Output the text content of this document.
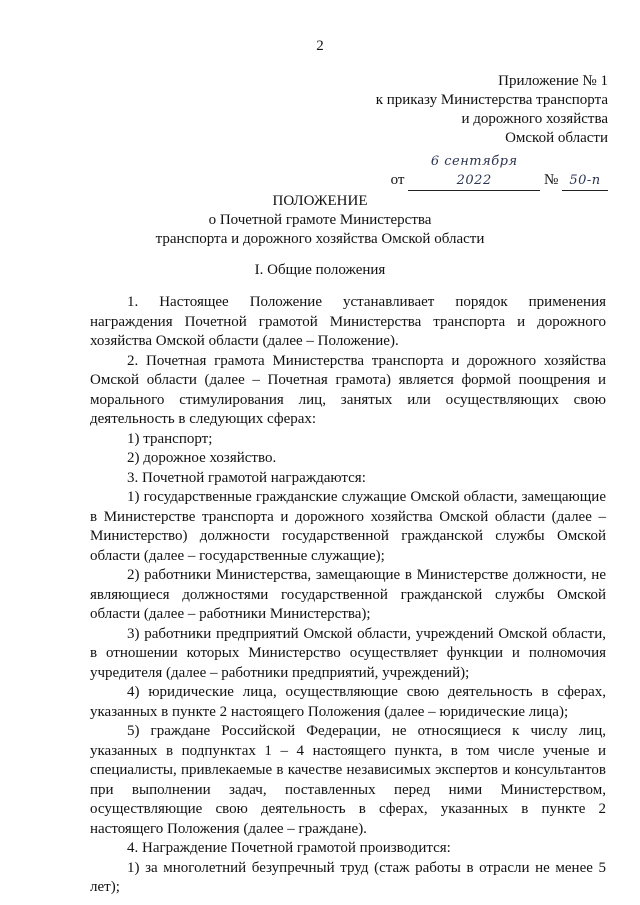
2
Приложение № 1
к приказу Министерства транспорта
и дорожного хозяйства
Омской области
от 6 сентября 2022	№ 50-п
ПОЛОЖЕНИЕ
о Почетной грамоте Министерства
транспорта и дорожного хозяйства Омской области
I. Общие положения

1. Настоящее Положение устанавливает порядок применения награждения Почетной грамотой Министерства транспорта и дорожного хозяйства Омской области (далее – Положение).

2. Почетная грамота Министерства транспорта и дорожного хозяйства Омской области (далее – Почетная грамота) является формой поощрения и морального стимулирования лиц, занятых или осуществляющих свою деятельность в следующих сферах:

1) транспорт;

2) дорожное хозяйство.

3. Почетной грамотой награждаются:

1) государственные гражданские служащие Омской области, замещающие в Министерстве транспорта и дорожного хозяйства Омской области (далее – Министерство) должности государственной гражданской службы Омской области (далее – государственные служащие);

2) работники Министерства, замещающие в Министерстве должности, не являющиеся должностями государственной гражданской службы Омской области (далее – работники Министерства);

3) работники предприятий Омской области, учреждений Омской области, в отношении которых Министерство осуществляет функции и полномочия учредителя (далее – работники предприятий, учреждений);

4) юридические лица, осуществляющие свою деятельность в сферах, указанных в пункте 2 настоящего Положения (далее – юридические лица);

5) граждане Российской Федерации, не относящиеся к числу лиц, указанных в подпунктах 1 – 4 настоящего пункта, в том числе ученые и специалисты, привлекаемые в качестве независимых экспертов и консультантов при выполнении задач, поставленных перед ними Министерством, осуществляющие свою деятельность в сферах, указанных в пункте 2 настоящего Положения (далее – граждане).

4. Награждение Почетной грамотой производится:

1) за многолетний безупречный труд (стаж работы в отрасли не менее 5 лет);
